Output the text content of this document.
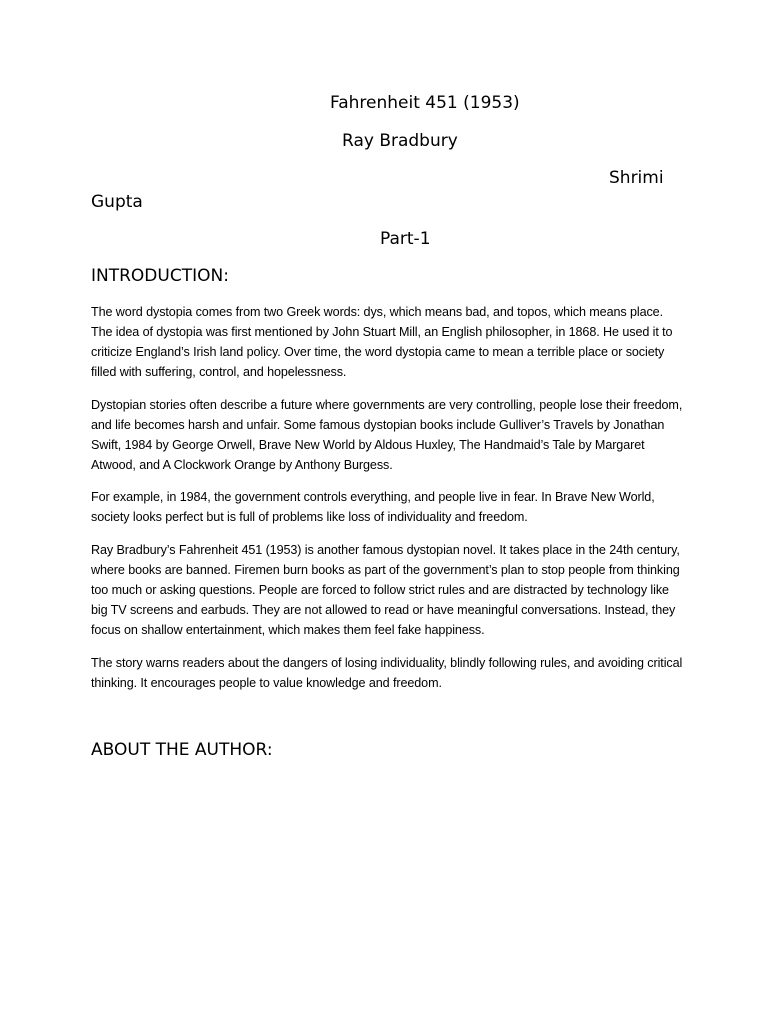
Fahrenheit 451 (1953)
Ray Bradbury
Shrimi
Gupta
Part-1
INTRODUCTION:

The word dystopia comes from two Greek words: dys, which means bad, and topos, which means place. The idea of dystopia was first mentioned by John Stuart Mill, an English philosopher, in 1868. He used it to criticize England’s Irish land policy. Over time, the word dystopia came to mean a terrible place or society filled with suffering, control, and hopelessness.

Dystopian stories often describe a future where governments are very controlling, people lose their freedom, and life becomes harsh and unfair. Some famous dystopian books include Gulliver’s Travels by Jonathan Swift, 1984 by George Orwell, Brave New World by Aldous Huxley, The Handmaid’s Tale by Margaret Atwood, and A Clockwork Orange by Anthony Burgess.

For example, in 1984, the government controls everything, and people live in fear. In Brave New World, society looks perfect but is full of problems like loss of individuality and freedom.

Ray Bradbury’s Fahrenheit 451 (1953) is another famous dystopian novel. It takes place in the 24th century, where books are banned. Firemen burn books as part of the government’s plan to stop people from thinking too much or asking questions. People are forced to follow strict rules and are distracted by technology like big TV screens and earbuds. They are not allowed to read or have meaningful conversations. Instead, they focus on shallow entertainment, which makes them feel fake happiness.

The story warns readers about the dangers of losing individuality, blindly following rules, and avoiding critical thinking. It encourages people to value knowledge and freedom.

ABOUT THE AUTHOR:
